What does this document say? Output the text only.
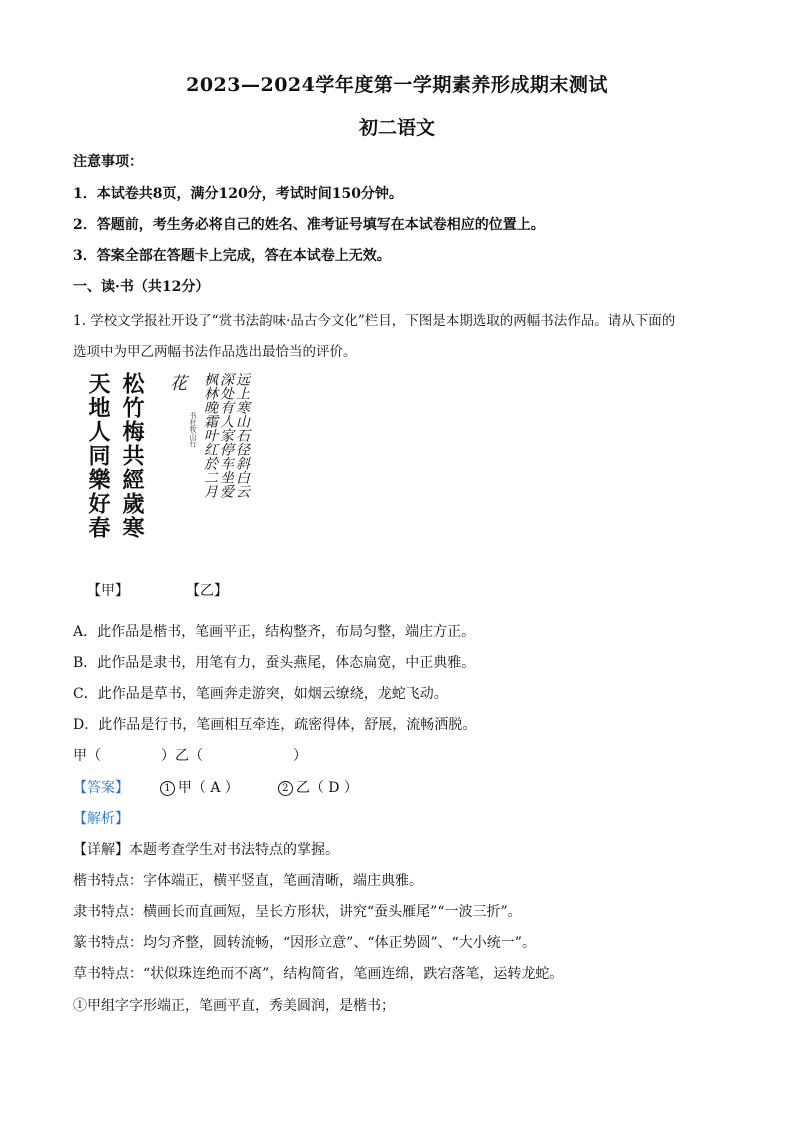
2023—2024学年度第一学期素养形成期末测试
初二语文
注意事项：
1．本试卷共8页，满分120分，考试时间150分钟。
2．答题前，考生务必将自己的姓名、准考证号填写在本试卷相应的位置上。
3．答案全部在答题卡上完成，答在本试卷上无效。
一、读·书（共12分）
1. 学校文学报社开设了“赏书法韵味·品古今文化”栏目，下图是本期选取的两幅书法作品。请从下面的
选项中为甲乙两幅书法作品选出最恰当的评价。
天地人同樂好春 松竹梅共經歲寒 花
书杜牧山行 枫林晚霜叶红於二月 深处有人家停车坐爱 远上寒山石径斜白云
【甲】	【乙】
A．此作品是楷书，笔画平正，结构整齐，布局匀整，端庄方正。
B．此作品是隶书，用笔有力，蚕头燕尾，体态扁宽，中正典雅。
C．此作品是草书，笔画奔走游突，如烟云缭绕，龙蛇飞动。
D．此作品是行书，笔画相互牵连，疏密得体，舒展，流畅洒脱。
甲（	）乙（	）
【答案】	1 甲（ A ）	2 乙（ D ）
【解析】
【详解】本题考查学生对书法特点的掌握。
楷书特点：字体端正，横平竖直，笔画清晰，端庄典雅。
隶书特点：横画长而直画短，呈长方形状，讲究“蚕头雁尾”“一波三折”。
篆书特点：均匀齐整，圆转流畅，“因形立意”、“体正势圆”、“大小统一”。
草书特点：“状似珠连绝而不离”，结构简省，笔画连绵，跌宕落笔，运转龙蛇。
①甲组字字形端正，笔画平直，秀美圆润，是楷书；
